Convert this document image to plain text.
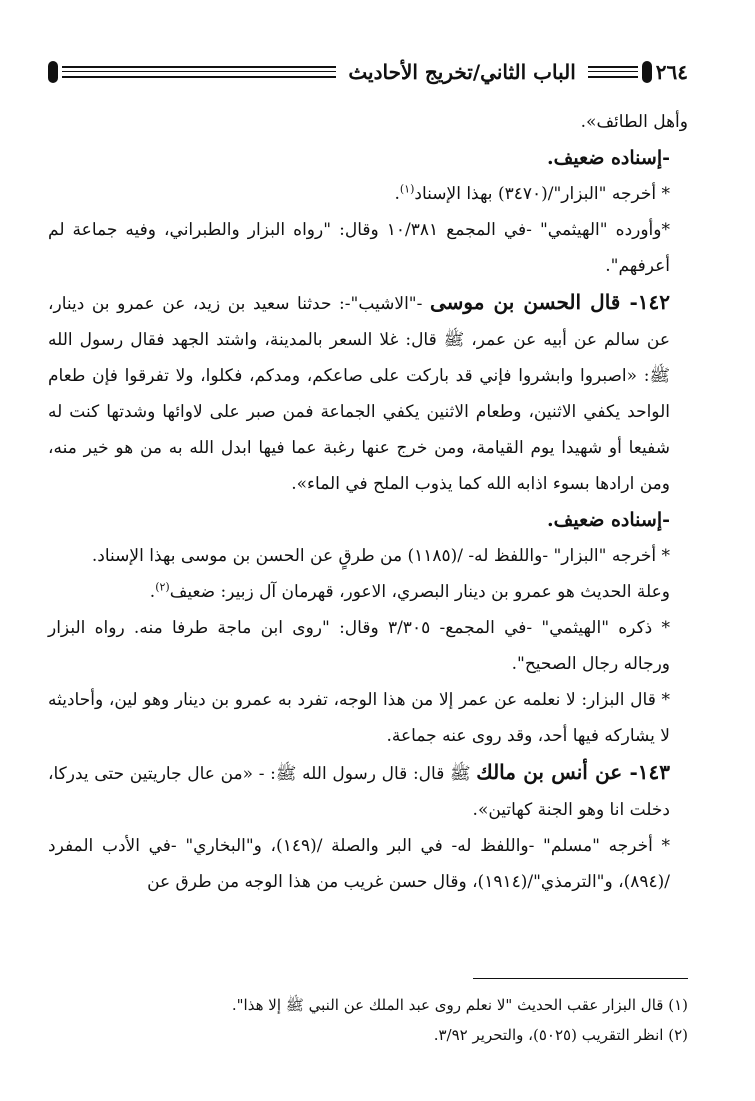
الباب الثاني/تخريج الأحاديث	٢٦٤

وأهل الطائف».

-إسناده ضعيف.

* أخرجه "البزار"/(٣٤٧٠) بهذا الإسناد$^{(١)}$.

*وأورده "الهيثمي" -في المجمع ١٠/٣٨١ وقال: "رواه البزار والطبراني، وفيه جماعة لم أعرفهم".

١٤٢- قال الحسن بن موسى -"الاشيب"-: حدثنا سعيد بن زيد، عن عمرو بن دينار، عن سالم عن أبيه عن عمر، ﷺ قال: غلا السعر بالمدينة، واشتد الجهد فقال رسول الله ﷺ: «اصبروا وابشروا فإني قد باركت على صاعكم، ومدكم، فكلوا، ولا تفرقوا فإن طعام الواحد يكفي الاثنين، وطعام الاثنين يكفي الجماعة فمن صبر على لاوائها وشدتها كنت له شفيعا أو شهيدا يوم القيامة، ومن خرج عنها رغبة عما فيها ابدل الله به من هو خير منه، ومن ارادها بسوء اذابه الله كما يذوب الملح في الماء».

-إسناده ضعيف.

* أخرجه "البزار" -واللفظ له- /(١١٨٥) من طرقٍ عن الحسن بن موسى بهذا الإسناد.

وعلة الحديث هو عمرو بن دينار البصري، الاعور، قهرمان آل زبير: ضعيف$^{(٢)}$.

* ذكره "الهيثمي" -في المجمع- ٣/٣٠٥ وقال: "روى ابن ماجة طرفا منه. رواه البزار ورجاله رجال الصحيح".

* قال البزار: لا نعلمه عن عمر إلا من هذا الوجه، تفرد به عمرو بن دينار وهو لين، وأحاديثه لا يشاركه فيها أحد، وقد روى عنه جماعة.

١٤٣- عن أنس بن مالك ﷺ قال: قال رسول الله ﷺ: - «من عال جاريتين حتى يدركا، دخلت انا وهو الجنة كهاتين».

* أخرجه "مسلم" -واللفظ له- في البر والصلة /(١٤٩)، و"البخاري" -في الأدب المفرد /(٨٩٤)، و"الترمذي"/(١٩١٤)، وقال حسن غريب من هذا الوجه من طرق عن

(١) قال البزار عقب الحديث "لا نعلم روى عبد الملك عن النبي ﷺ إلا هذا".

(٢) انظر التقريب (٥٠٢٥)، والتحرير ٣/٩٢.
